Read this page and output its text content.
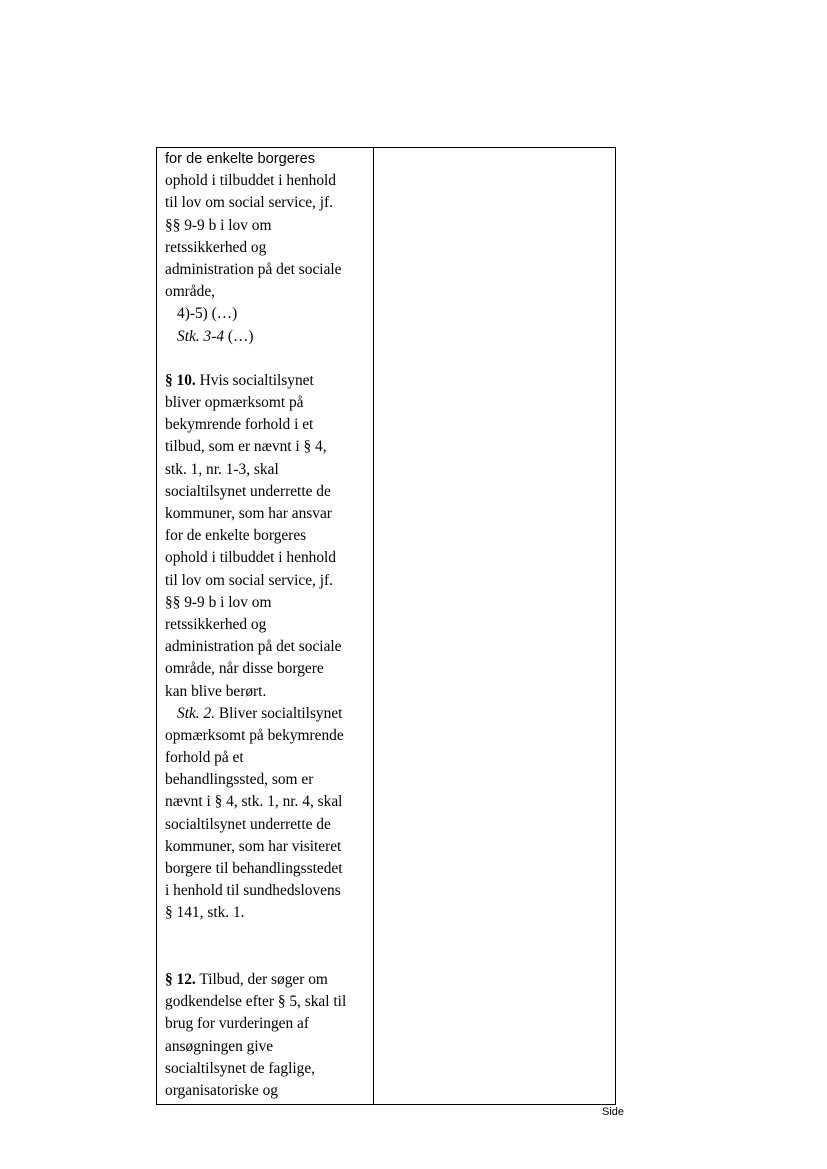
for de enkelte borgeres
ophold i tilbuddet i henhold
til lov om social service, jf.
§§ 9-9 b i lov om
retssikkerhed og
administration på det sociale
område,
4)-5) (…)
Stk. 3-4 (…)
§ 10. Hvis socialtilsynet
bliver opmærksomt på
bekymrende forhold i et
tilbud, som er nævnt i § 4,
stk. 1, nr. 1-3, skal
socialtilsynet underrette de
kommuner, som har ansvar
for de enkelte borgeres
ophold i tilbuddet i henhold
til lov om social service, jf.
§§ 9-9 b i lov om
retssikkerhed og
administration på det sociale
område, når disse borgere
kan blive berørt.
Stk. 2. Bliver socialtilsynet
opmærksomt på bekymrende
forhold på et
behandlingssted, som er
nævnt i § 4, stk. 1, nr. 4, skal
socialtilsynet underrette de
kommuner, som har visiteret
borgere til behandlingsstedet
i henhold til sundhedslovens
§ 141, stk. 1.
§ 12. Tilbud, der søger om
godkendelse efter § 5, skal til
brug for vurderingen af
ansøgningen give
socialtilsynet de faglige,
organisatoriske og
Side
